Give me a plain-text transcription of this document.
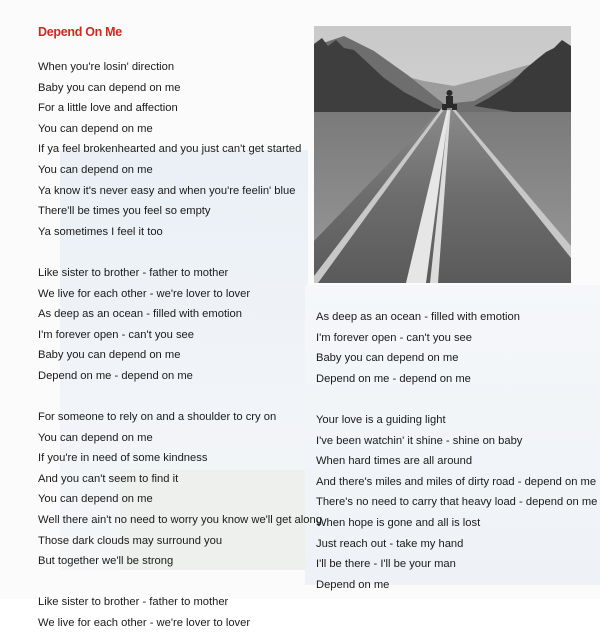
Depend On Me
When you're losin' direction
Baby you can depend on me
For a little love and affection
You can depend on me
If ya feel brokenhearted and you just can't get started
You can depend on me
Ya know it's never easy and when you're feelin' blue
There'll be times you feel so empty
Ya sometimes I feel it too
Like sister to brother - father to mother
We live for each other - we're lover to lover
As deep as an ocean - filled with emotion
I'm forever open - can't you see
Baby you can depend on me
Depend on me - depend on me
For someone to rely on and a shoulder to cry on
You can depend on me
If you're in need of some kindness
And you can't seem to find it
You can depend on me
Well there ain't no need to worry you know we'll get along
Those dark clouds may surround you
But together we'll be strong
Like sister to brother - father to mother
We live for each other - we're lover to lover
As deep as an ocean - filled with emotion
I'm forever open - can't you see
Baby you can depend on me
Depend on me - depend on me
Your love is a guiding light
I've been watchin' it shine - shine on baby
When hard times are all around
And there's miles and miles of dirty road - depend on me
There's no need to carry that heavy load - depend on me
When hope is gone and all is lost
Just reach out - take my hand
I'll be there - I'll be your man
Depend on me
